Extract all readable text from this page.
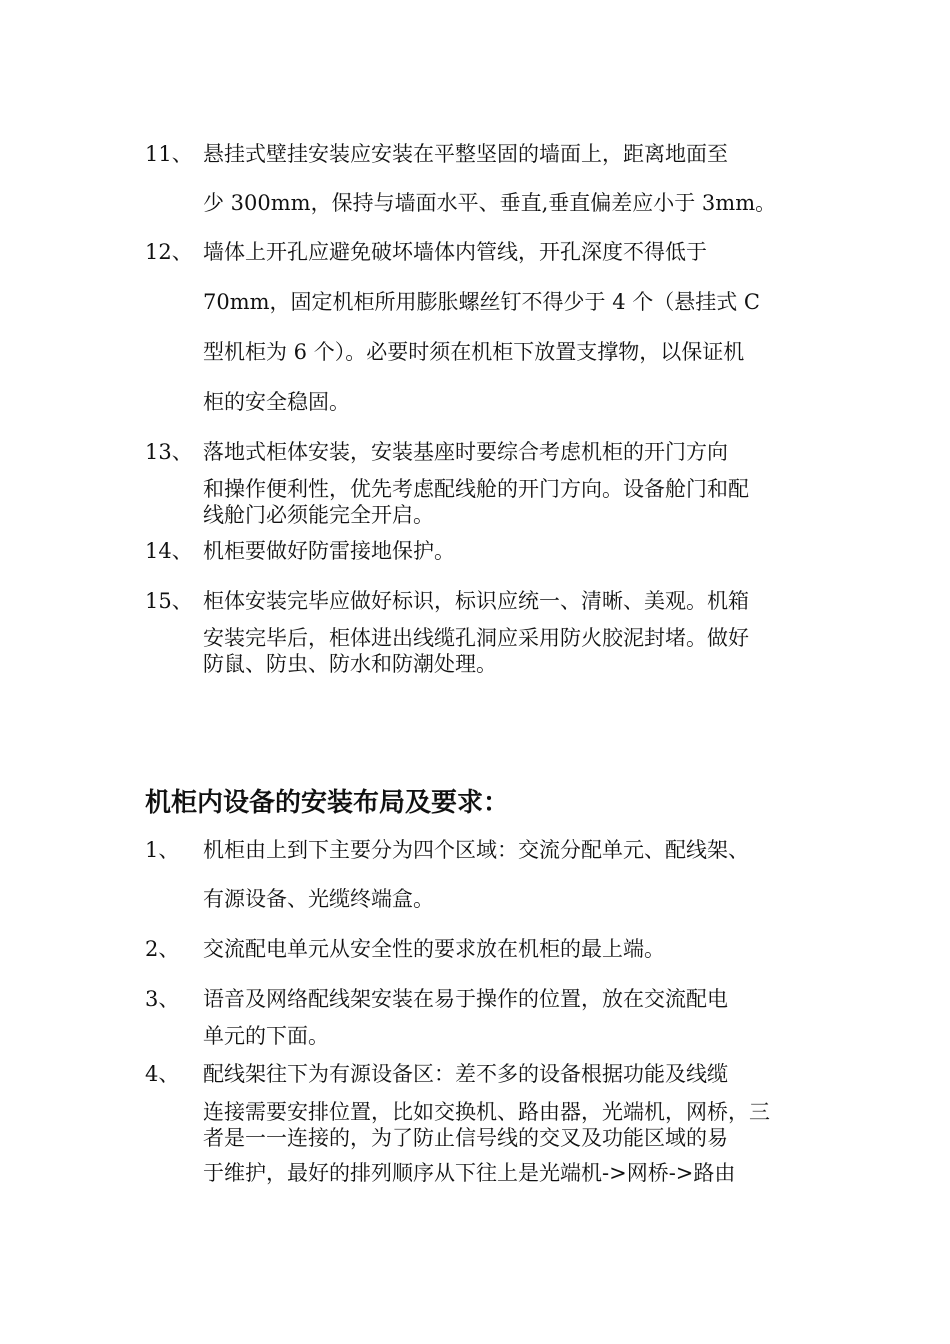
11、 悬挂式壁挂安装应安装在平整坚固的墙面上，距离地面至
少 300mm，保持与墙面水平、垂直,垂直偏差应小于 3mm。
12、 墙体上开孔应避免破坏墙体内管线，开孔深度不得低于
70mm，固定机柜所用膨胀螺丝钉不得少于 4 个（悬挂式 C
型机柜为 6 个）。必要时须在机柜下放置支撑物，以保证机
柜的安全稳固。
13、 落地式柜体安装，安装基座时要综合考虑机柜的开门方向
和操作便利性，优先考虑配线舱的开门方向。设备舱门和配
线舱门必须能完全开启。
14、 机柜要做好防雷接地保护。
15、 柜体安装完毕应做好标识，标识应统一、清晰、美观。机箱
安装完毕后，柜体进出线缆孔洞应采用防火胶泥封堵。做好
防鼠、防虫、防水和防潮处理。
机柜内设备的安装布局及要求：
1、 机柜由上到下主要分为四个区域：交流分配单元、配线架、
有源设备、光缆终端盒。
2、 交流配电单元从安全性的要求放在机柜的最上端。
3、 语音及网络配线架安装在易于操作的位置，放在交流配电
单元的下面。
4、 配线架往下为有源设备区：差不多的设备根据功能及线缆
连接需要安排位置，比如交换机、路由器，光端机，网桥，三
者是一一连接的，为了防止信号线的交叉及功能区域的易
于维护，最好的排列顺序从下往上是光端机->网桥->路由
